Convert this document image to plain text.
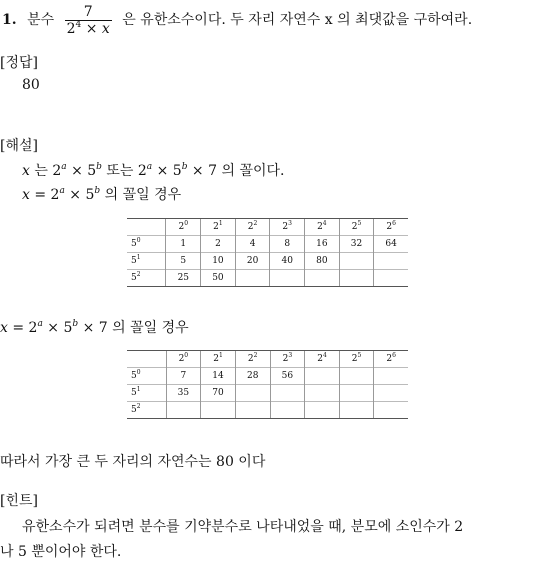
1. 분수 $\frac{7}{2^4 \times x}$ 은 유한소수이다. 두 자리 자연수 x 의 최댓값을 구하여라.
[정답]
80
[해설]
x 는 $2^a \times 5^b$ 또는 $2^a \times 5^b \times 7$ 의 꼴이다.
$x = 2^a \times 5^b$ 의 꼴일 경우
	$2^0$	$2^1$	$2^2$	$2^3$	$2^4$	$2^5$	$2^6$
$5^0$	1	2	4	8	16	32	64
$5^1$	5	10	20	40	80		
$5^2$	25	50					
$x = 2^a \times 5^b \times 7$ 의 꼴일 경우
	$2^0$	$2^1$	$2^2$	$2^3$	$2^4$	$2^5$	$2^6$
$5^0$	7	14	28	56			
$5^1$	35	70					
$5^2$							
따라서 가장 큰 두 자리의 자연수는 80 이다
[힌트]
유한소수가 되려면 분수를 기약분수로 나타내었을 때, 분모에 소인수가 2
나 5 뿐이어야 한다.
